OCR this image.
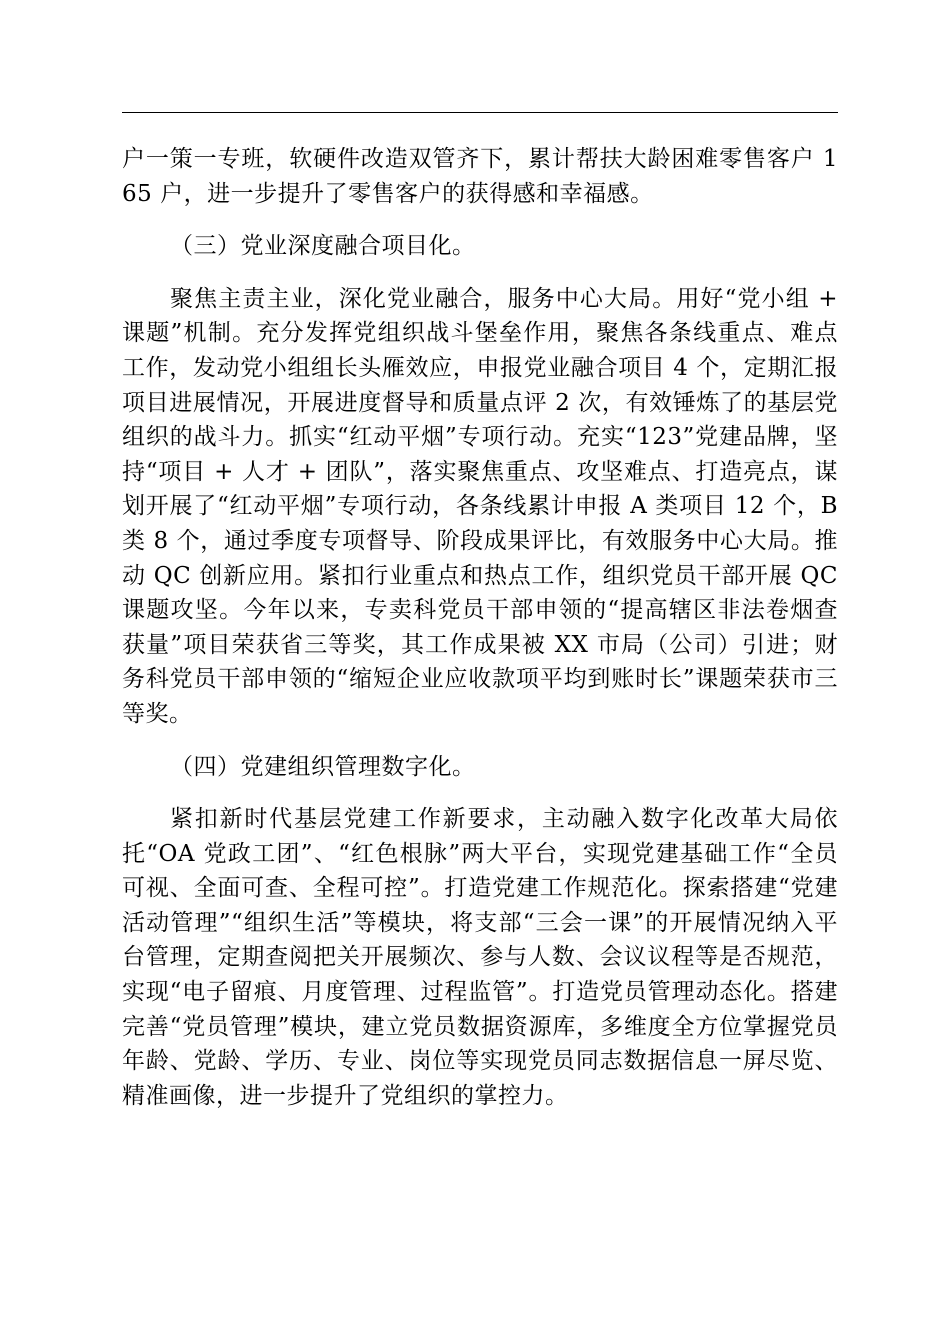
户一策一专班，软硬件改造双管齐下，累计帮扶大龄困难零售客户 165 户，进一步提升了零售客户的获得感和幸福感。

（三）党业深度融合项目化。

聚焦主责主业，深化党业融合，服务中心大局。用好“党小组 + 课题”机制。充分发挥党组织战斗堡垒作用，聚焦各条线重点、难点工作，发动党小组组长头雁效应，申报党业融合项目 4 个，定期汇报项目进展情况，开展进度督导和质量点评 2 次，有效锤炼了的基层党组织的战斗力。抓实“红动平烟”专项行动。充实“123”党建品牌，坚持“项目 + 人才 + 团队”，落实聚焦重点、攻坚难点、打造亮点，谋划开展了“红动平烟”专项行动，各条线累计申报 A 类项目 12 个，B 类 8 个，通过季度专项督导、阶段成果评比，有效服务中心大局。推动 QC 创新应用。紧扣行业重点和热点工作，组织党员干部开展 QC 课题攻坚。今年以来，专卖科党员干部申领的“提高辖区非法卷烟查获量”项目荣获省三等奖，其工作成果被 XX 市局（公司）引进；财务科党员干部申领的“缩短企业应收款项平均到账时长”课题荣获市三等奖。

（四）党建组织管理数字化。

紧扣新时代基层党建工作新要求，主动融入数字化改革大局依托“OA 党政工团”、“红色根脉”两大平台，实现党建基础工作“全员可视、全面可查、全程可控”。打造党建工作规范化。探索搭建“党建活动管理”“组织生活”等模块，将支部“三会一课”的开展情况纳入平台管理，定期查阅把关开展频次、参与人数、会议议程等是否规范，实现“电子留痕、月度管理、过程监管”。打造党员管理动态化。搭建完善“党员管理”模块，建立党员数据资源库，多维度全方位掌握党员年龄、党龄、学历、专业、岗位等实现党员同志数据信息一屏尽览、精准画像，进一步提升了党组织的掌控力。
